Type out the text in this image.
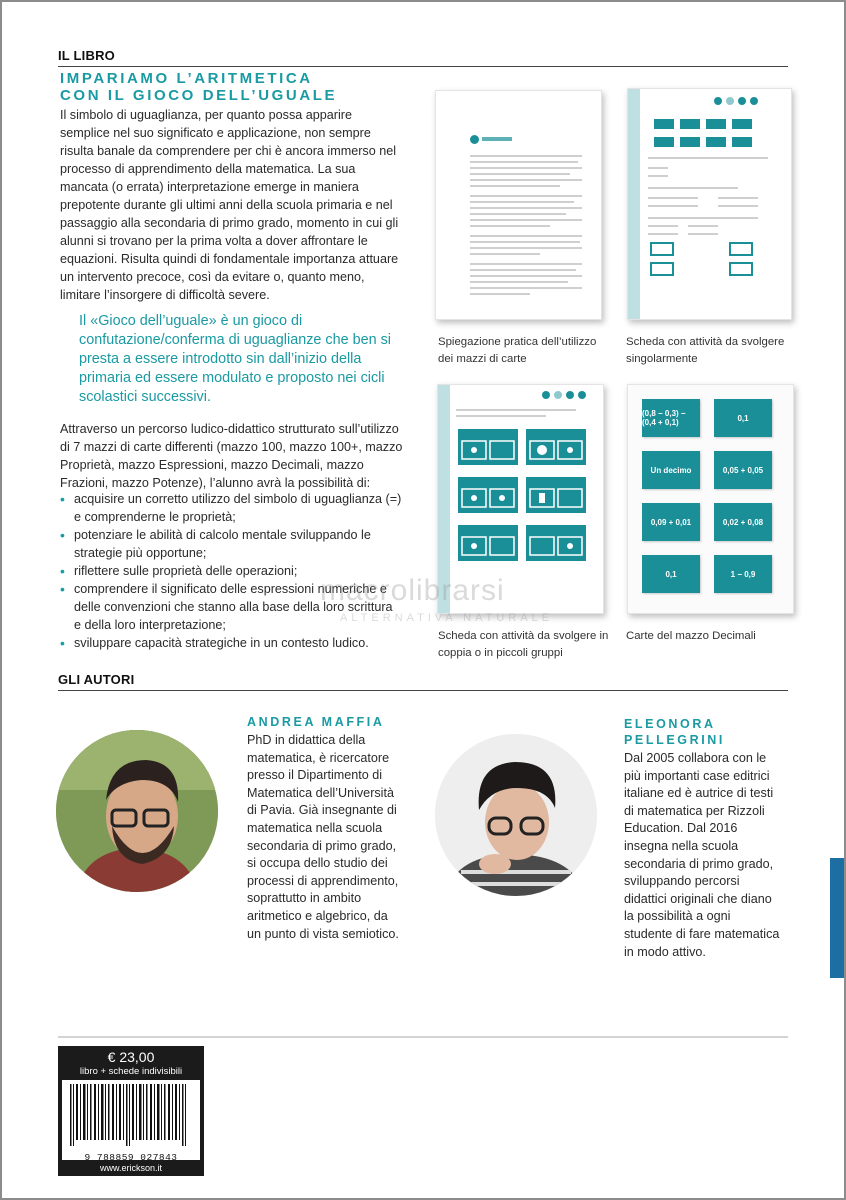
IL LIBRO
IMPARIAMO L’ARITMETICA
CON IL GIOCO DELL’UGUALE
Il simbolo di uguaglianza, per quanto possa apparire semplice nel suo significato e applicazione, non sempre risulta banale da comprendere per chi è ancora immerso nel processo di apprendimento della matematica. La sua mancata (o errata) interpretazione emerge in maniera prepotente durante gli ultimi anni della scuola primaria e nel passaggio alla secondaria di primo grado, momento in cui gli alunni si trovano per la prima volta a dover affrontare le equazioni. Risulta quindi di fondamentale importanza attuare un intervento precoce, così da evitare o, quanto meno, limitare l’insorgere di difficoltà severe.
Il «Gioco dell’uguale» è un gioco di confutazione/conferma di uguaglianze che ben si presta a essere introdotto sin dall’inizio della primaria ed essere modulato e proposto nei cicli scolastici successivi.
Attraverso un percorso ludico-didattico strutturato sull’utilizzo di 7 mazzi di carte differenti (mazzo 100, mazzo 100+, mazzo Proprietà, mazzo Espressioni, mazzo Decimali, mazzo Frazioni, mazzo Potenze), l’alunno avrà la possibilità di:
• acquisire un corretto utilizzo del simbolo di uguaglianza (=) e comprenderne le proprietà;
• potenziare le abilità di calcolo mentale sviluppando le strategie più opportune;
• riflettere sulle proprietà delle operazioni;
• comprendere il significato delle espressioni numeriche e delle convenzioni che stanno alla base della loro scrittura e della loro interpretazione;
• sviluppare capacità strategiche in un contesto ludico.
Spiegazione pratica dell’utilizzo dei mazzi di carte
Scheda con attività da svolgere singolarmente
Scheda con attività da svolgere in coppia o in piccoli gruppi
(0,8 − 0,3) − (0,4 + 0,1)	0,1
Un decimo	0,05 + 0,05
0,09 + 0,01	0,02 + 0,08
0,1	1 − 0,9
Carte del mazzo Decimali
macrolibrarsi
ALTERNATIVA NATURALE
GLI AUTORI
ANDREA MAFFIA
PhD in didattica della matematica, è ricercatore presso il Dipartimento di Matematica dell’Università di Pavia. Già insegnante di matematica nella scuola secondaria di primo grado, si occupa dello studio dei processi di apprendimento, soprattutto in ambito aritmetico e algebrico, da un punto di vista semiotico.
ELEONORA
PELLEGRINI
Dal 2005 collabora con le più importanti case editrici italiane ed è autrice di testi di matematica per Rizzoli Education. Dal 2016 insegna nella scuola secondaria di primo grado, sviluppando percorsi didattici originali che diano la possibilità a ogni studente di fare matematica in modo attivo.
€ 23,00
libro + schede indivisibili
9 788859 027843
www.erickson.it
